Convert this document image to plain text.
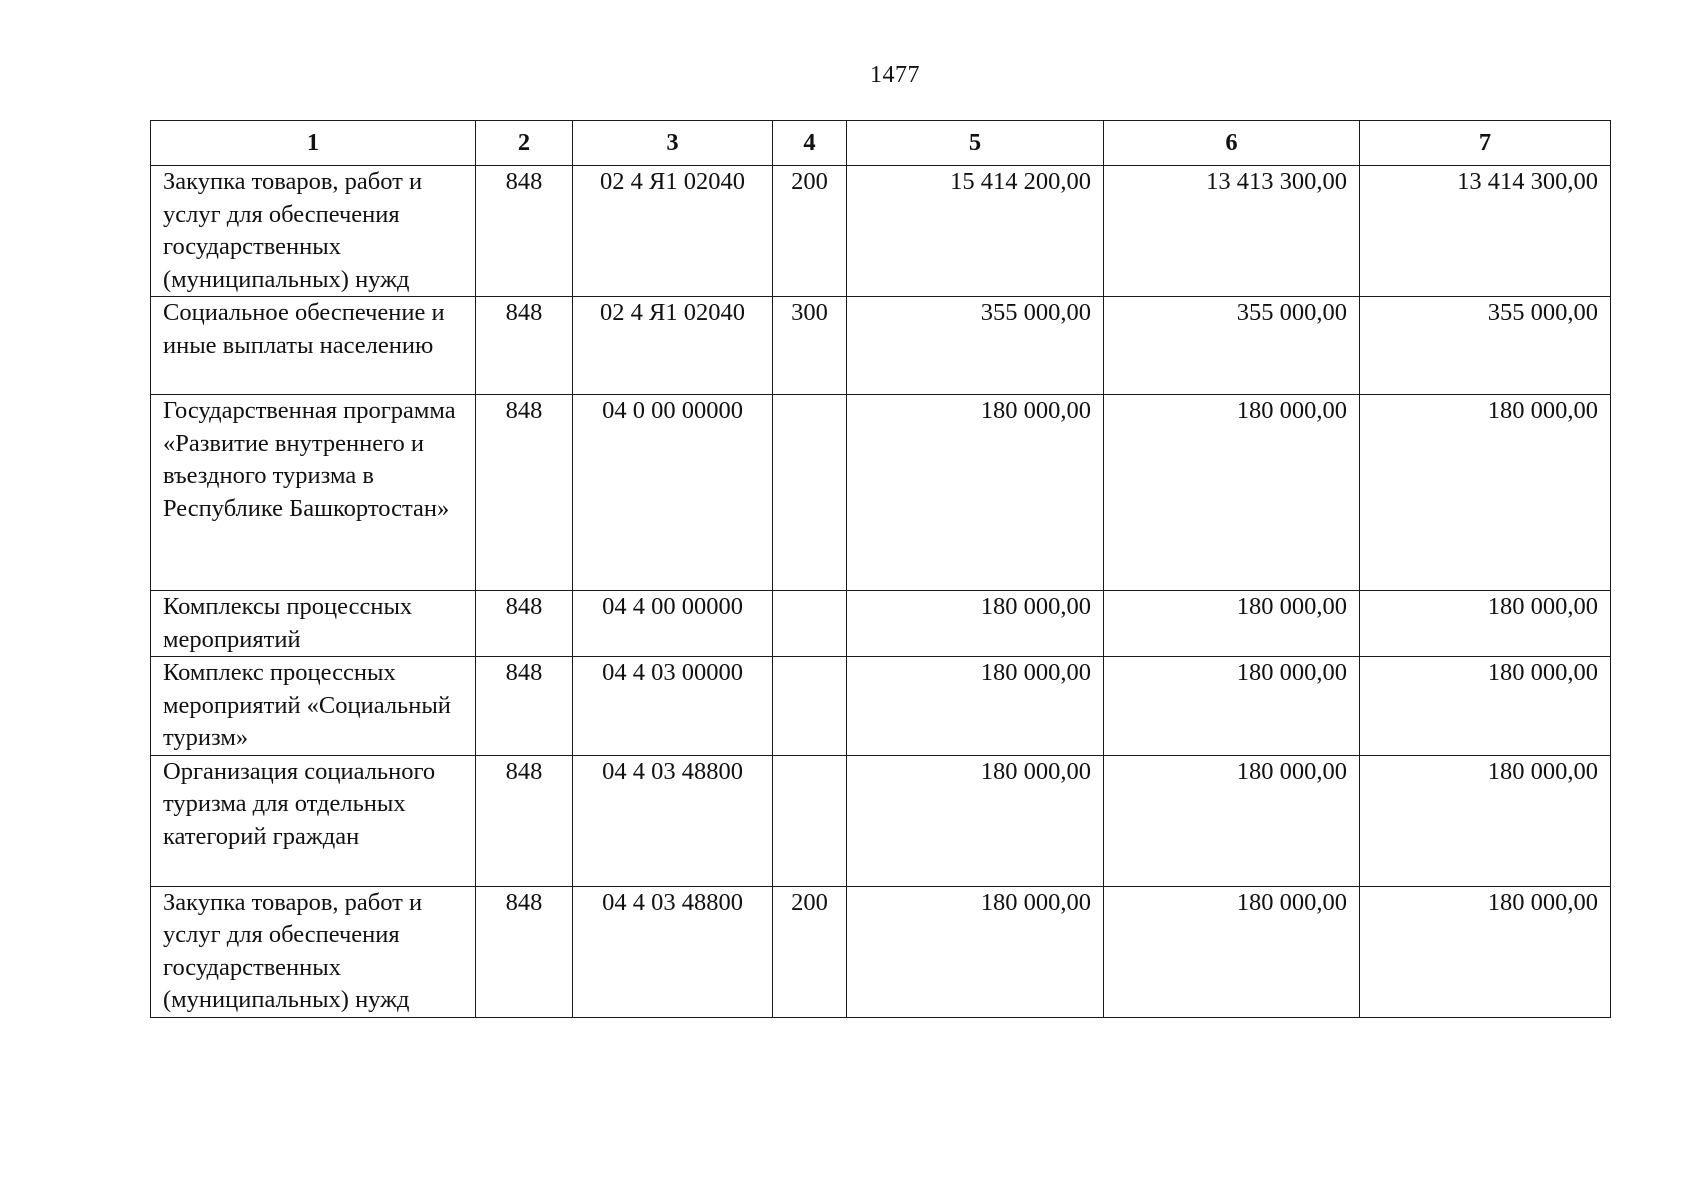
1477
1	2	3	4	5	6	7
Закупка товаров, работ и услуг для обеспечения государственных (муниципальных) нужд	848	02 4 Я1 02040	200	15 414 200,00	13 413 300,00	13 414 300,00
Социальное обеспечение и иные выплаты населению	848	02 4 Я1 02040	300	355 000,00	355 000,00	355 000,00
Государственная программа «Развитие внутреннего и въездного туризма в Республике Башкортостан»	848	04 0 00 00000		180 000,00	180 000,00	180 000,00
Комплексы процессных мероприятий	848	04 4 00 00000		180 000,00	180 000,00	180 000,00
Комплекс процессных мероприятий «Социальный туризм»	848	04 4 03 00000		180 000,00	180 000,00	180 000,00
Организация социального туризма для отдельных категорий граждан	848	04 4 03 48800		180 000,00	180 000,00	180 000,00
Закупка товаров, работ и услуг для обеспечения государственных (муниципальных) нужд	848	04 4 03 48800	200	180 000,00	180 000,00	180 000,00
